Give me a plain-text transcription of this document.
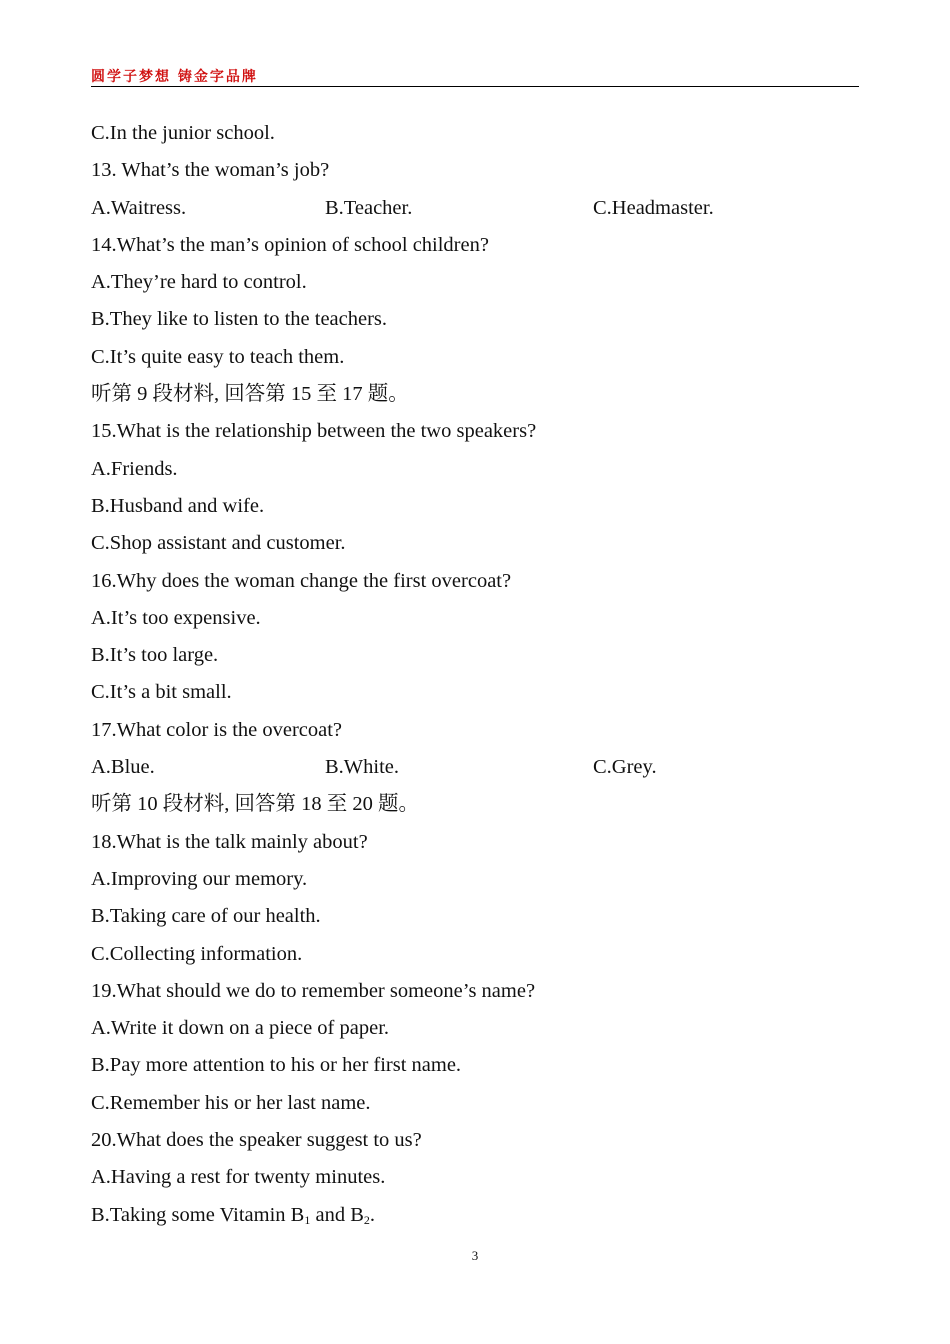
圆学子梦想 铸金字品牌
C.In the junior school.
13. What’s the woman’s job?
A.Waitress.	B.Teacher.	C.Headmaster.
14.What’s the man’s opinion of school children?
A.They’re hard to control.
B.They like to listen to the teachers.
C.It’s quite easy to teach them.
听第 9 段材料, 回答第 15 至 17 题。
15.What is the relationship between the two speakers?
A.Friends.
B.Husband and wife.
C.Shop assistant and customer.
16.Why does the woman change the first overcoat?
A.It’s too expensive.
B.It’s too large.
C.It’s a bit small.
17.What color is the overcoat?
A.Blue.	B.White.	C.Grey.
听第 10 段材料, 回答第 18 至 20 题。
18.What is the talk mainly about?
A.Improving our memory.
B.Taking care of our health.
C.Collecting information.
19.What should we do to remember someone’s name?
A.Write it down on a piece of paper.
B.Pay more attention to his or her first name.
C.Remember his or her last name.
20.What does the speaker suggest to us?
A.Having a rest for twenty minutes.
B.Taking some Vitamin $B_1$ and $B_2$.
3
